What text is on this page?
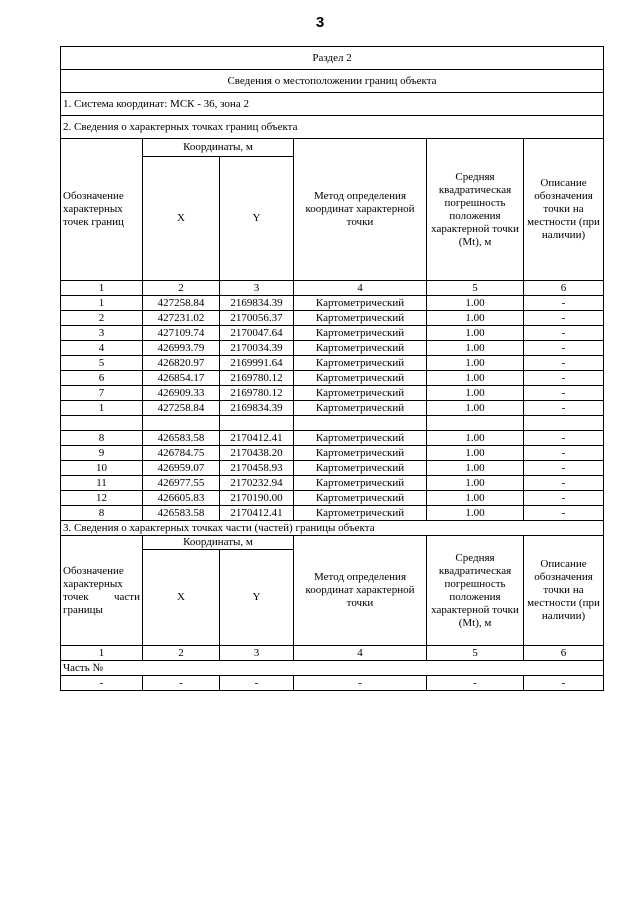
3
Раздел 2					
Сведения о местоположении границ объекта					
1. Система координат: МСК - 36, зона 2					
2. Сведения о характерных точках границ объекта					
Обозначение характерных точек границ	Координаты, м		Метод определения координат характерной точки	Средняя квадратическая погрешность положения характерной точки (Mt), м	Описание обозначения точки на местности (при наличии)
	X	Y			
1	2	3	4	5	6
1	427258.84	2169834.39	Картометрический	1.00	-
2	427231.02	2170056.37	Картометрический	1.00	-
3	427109.74	2170047.64	Картометрический	1.00	-
4	426993.79	2170034.39	Картометрический	1.00	-
5	426820.97	2169991.64	Картометрический	1.00	-
6	426854.17	2169780.12	Картометрический	1.00	-
7	426909.33	2169780.12	Картометрический	1.00	-
1	427258.84	2169834.39	Картометрический	1.00	-

8	426583.58	2170412.41	Картометрический	1.00	-
9	426784.75	2170438.20	Картометрический	1.00	-
10	426959.07	2170458.93	Картометрический	1.00	-
11	426977.55	2170232.94	Картометрический	1.00	-
12	426605.83	2170190.00	Картометрический	1.00	-
8	426583.58	2170412.41	Картометрический	1.00	-
3. Сведения о характерных точках части (частей) границы объекта					

Обозначение характерных точек части границы	Координаты, м		Метод определения координат характерной точки	Средняя квадратическая погрешность положения характерной точки (Mt), м	Описание обозначения точки на местности (при наличии)
	X	Y			
1	2	3	4	5	6
Часть №					
-	-	-	-	-	-
